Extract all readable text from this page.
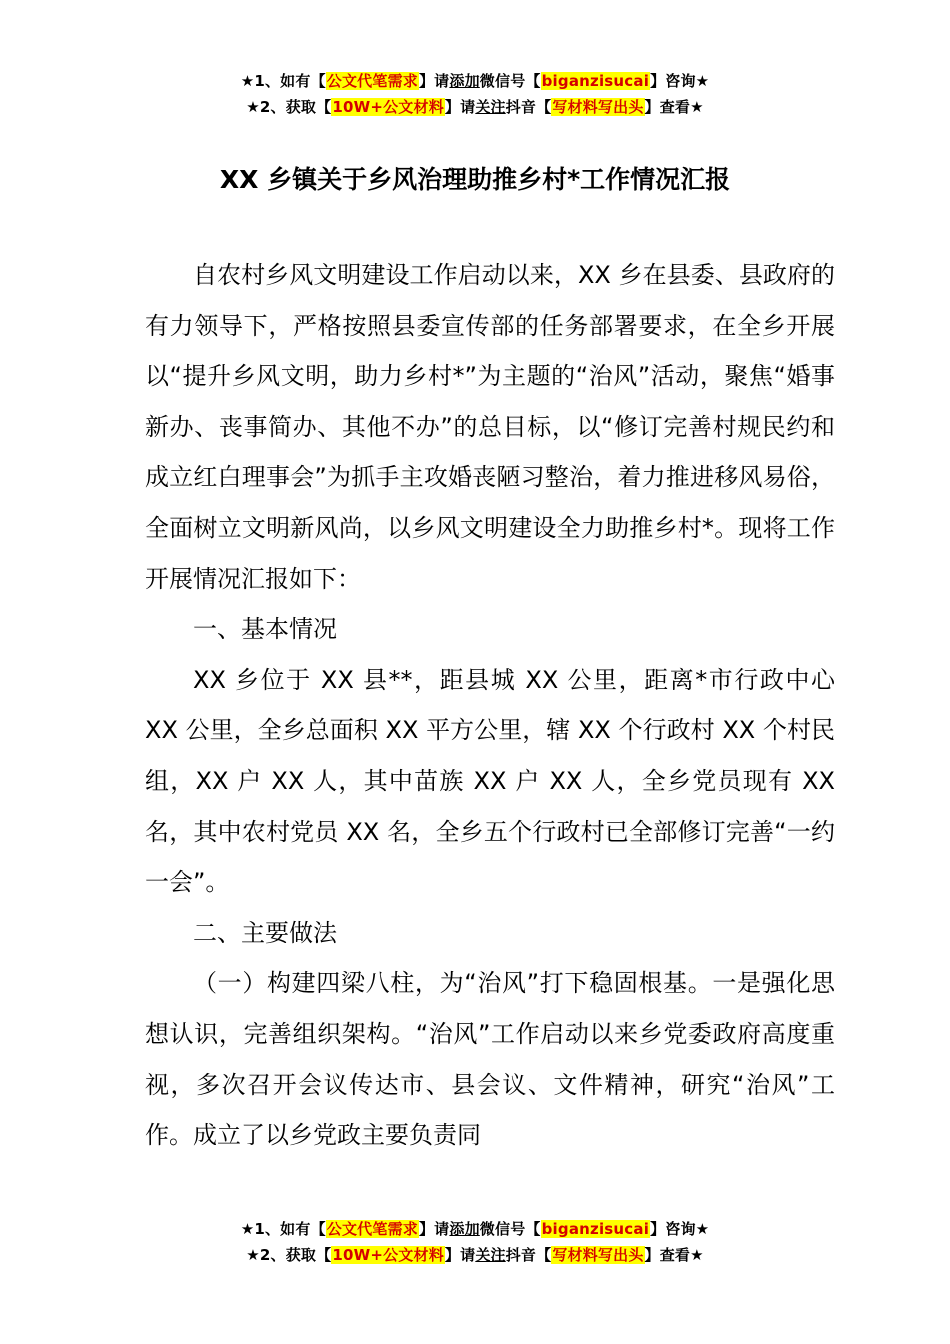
★1、如有【公文代笔需求】请添加微信号【biganzisucai】咨询★
★2、获取【10W+公文材料】请关注抖音【写材料写出头】查看★
XX 乡镇关于乡风治理助推乡村*工作情况汇报

自农村乡风文明建设工作启动以来，XX 乡在县委、县政府的有力领导下，严格按照县委宣传部的任务部署要求，在全乡开展以“提升乡风文明，助力乡村*”为主题的“治风”活动，聚焦“婚事新办、丧事简办、其他不办”的总目标，以“修订完善村规民约和成立红白理事会”为抓手主攻婚丧陋习整治，着力推进移风易俗，全面树立文明新风尚，以乡风文明建设全力助推乡村*。现将工作开展情况汇报如下：

一、基本情况

XX 乡位于 XX 县**，距县城 XX 公里，距离*市行政中心 XX 公里，全乡总面积 XX 平方公里，辖 XX 个行政村 XX 个村民组，XX 户 XX 人，其中苗族 XX 户 XX 人，全乡党员现有 XX 名，其中农村党员 XX 名，全乡五个行政村已全部修订完善“一约一会”。

二、主要做法

（一）构建四梁八柱，为“治风”打下稳固根基。一是强化思想认识，完善组织架构。“治风”工作启动以来乡党委政府高度重视，多次召开会议传达市、县会议、文件精神，研究“治风”工作。成立了以乡党政主要负责同

★1、如有【公文代笔需求】请添加微信号【biganzisucai】咨询★
★2、获取【10W+公文材料】请关注抖音【写材料写出头】查看★
